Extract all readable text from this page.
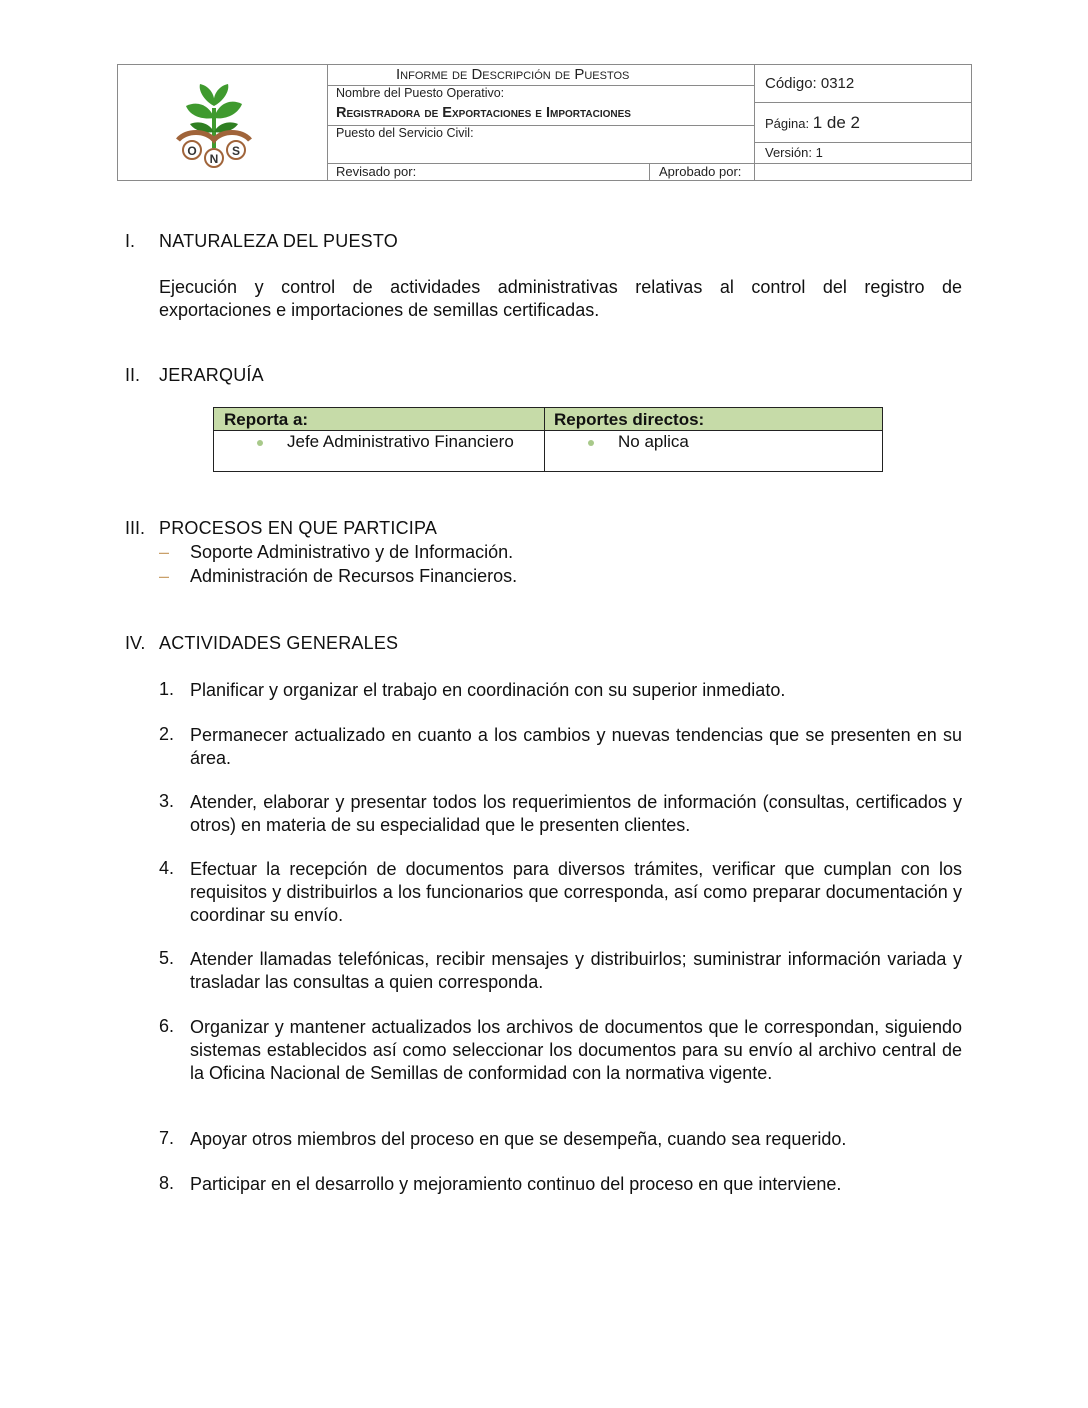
Informe de Descripción de Puestos
Nombre del Puesto Operativo:
Registradora de Exportaciones e Importaciones
Puesto del Servicio Civil:
Revisado por:	Aprobado por:
Código: 0312
Página: 1 de 2
Versión: 1
O
N
S
I. NATURALEZA DEL PUESTO
Ejecución y control de actividades administrativas relativas al control del registro de
exportaciones e importaciones de semillas certificadas.
II. JERARQUÍA
Reporta a:	Reportes directos:
Jefe Administrativo Financiero	No aplica
III. PROCESOS EN QUE PARTICIPA
– Soporte Administrativo y de Información.
– Administración de Recursos Financieros.
IV. ACTIVIDADES GENERALES
1. Planificar y organizar el trabajo en coordinación con su superior inmediato.
2. Permanecer actualizado en cuanto a los cambios y nuevas tendencias que se presenten en su área.
3. Atender, elaborar y presentar todos los requerimientos de información (consultas, certificados y otros) en materia de su especialidad que le presenten clientes.
4. Efectuar la recepción de documentos para diversos trámites, verificar que cumplan con los requisitos y distribuirlos a los funcionarios que corresponda, así como preparar documentación y coordinar su envío.
5. Atender llamadas telefónicas, recibir mensajes y distribuirlos; suministrar información variada y trasladar las consultas a quien corresponda.
6. Organizar y mantener actualizados los archivos de documentos que le correspondan, siguiendo sistemas establecidos así como seleccionar los documentos para su envío al archivo central de la Oficina Nacional de Semillas de conformidad con la normativa vigente.
7. Apoyar otros miembros del proceso en que se desempeña, cuando sea requerido.
8. Participar en el desarrollo y mejoramiento continuo del proceso en que interviene.
